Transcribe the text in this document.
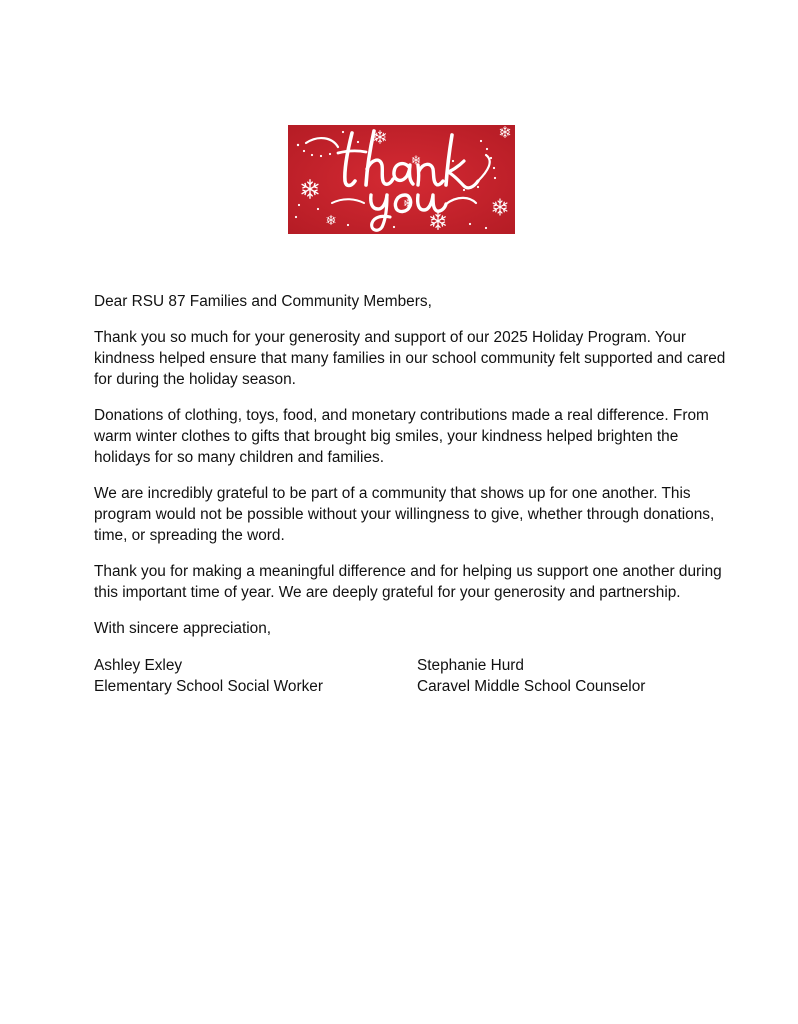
Dear RSU 87 Families and Community Members,

Thank you so much for your generosity and support of our 2025 Holiday Program. Your kindness helped ensure that many families in our school community felt supported and cared for during the holiday season.

Donations of clothing, toys, food, and monetary contributions made a real difference. From warm winter clothes to gifts that brought big smiles, your kindness helped brighten the holidays for so many children and families.

We are incredibly grateful to be part of a community that shows up for one another. This program would not be possible without your willingness to give, whether through donations, time, or spreading the word.

Thank you for making a meaningful difference and for helping us support one another during this important time of year. We are deeply grateful for your generosity and partnership.

With sincere appreciation,

Ashley Exley
Elementary School Social Worker
Stephanie Hurd
Caravel Middle School Counselor
